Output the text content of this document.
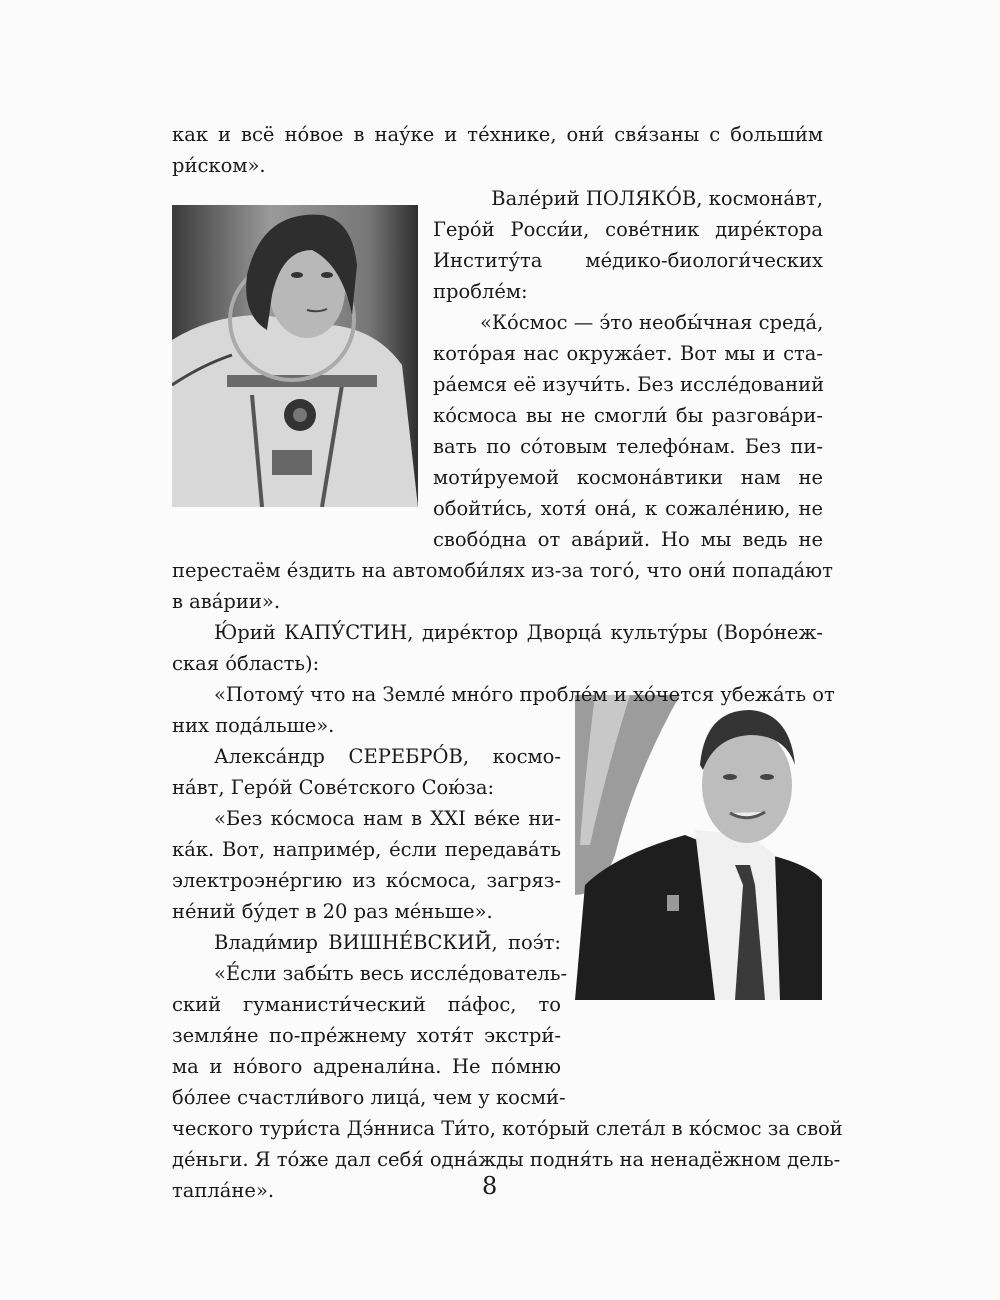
как и всё но́вое в нау́ке и те́хнике, они́ свя́заны с больши́м
ри́ском».
Вале́рий ПОЛЯКО́В, космона́вт,
Геро́й Росси́и, сове́тник дире́ктора
Институ́та ме́дико-биологи́ческих
пробле́м:
«Ко́смос — э́то необы́чная среда́,
кото́рая нас окружа́ет. Вот мы и ста-
ра́емся её изучи́ть. Без иссле́дований
ко́смоса вы не смогли́ бы разгова́ри-
вать по со́товым телефо́нам. Без пи-
моти́руемой космона́втики нам не
обойти́сь, хотя́ она́, к сожале́нию, не
свобо́дна от ава́рий. Но мы ведь не
перестаём е́здить на автомоби́лях из-за того́, что они́ попада́ют
в ава́рии».
Ю́рий КАПУ́СТИН, дире́ктор Дворца́ культу́ры (Воро́неж-
ская о́бласть):
«Потому́ что на Земле́ мно́го пробле́м и хо́чется убежа́ть от
них пода́льше».
Алекса́ндр СЕРЕБРО́В, космо-
на́вт, Геро́й Сове́тского Сою́за:
«Без ко́смоса нам в XXI ве́ке ни-
ка́к. Вот, наприме́р, е́сли передава́ть
электроэне́ргию из ко́смоса, загряз-
не́ний бу́дет в 20 раз ме́ньше».
Влади́мир ВИШНЕ́ВСКИЙ, поэ́т:
«Е́сли забы́ть весь иссле́дователь-
ский гуманисти́ческий па́фос, то
земля́не по-пре́жнему хотя́т экстри́-
ма и но́вого адренали́на. Не по́мню
бо́лее счастли́вого лица́, чем у косми́-
ческого тури́ста Дэ́нниса Ти́то, кото́рый слета́л в ко́смос за свой
де́ньги. Я то́же дал себя́ одна́жды подня́ть на ненадёжном дель-
тапла́не».	8
